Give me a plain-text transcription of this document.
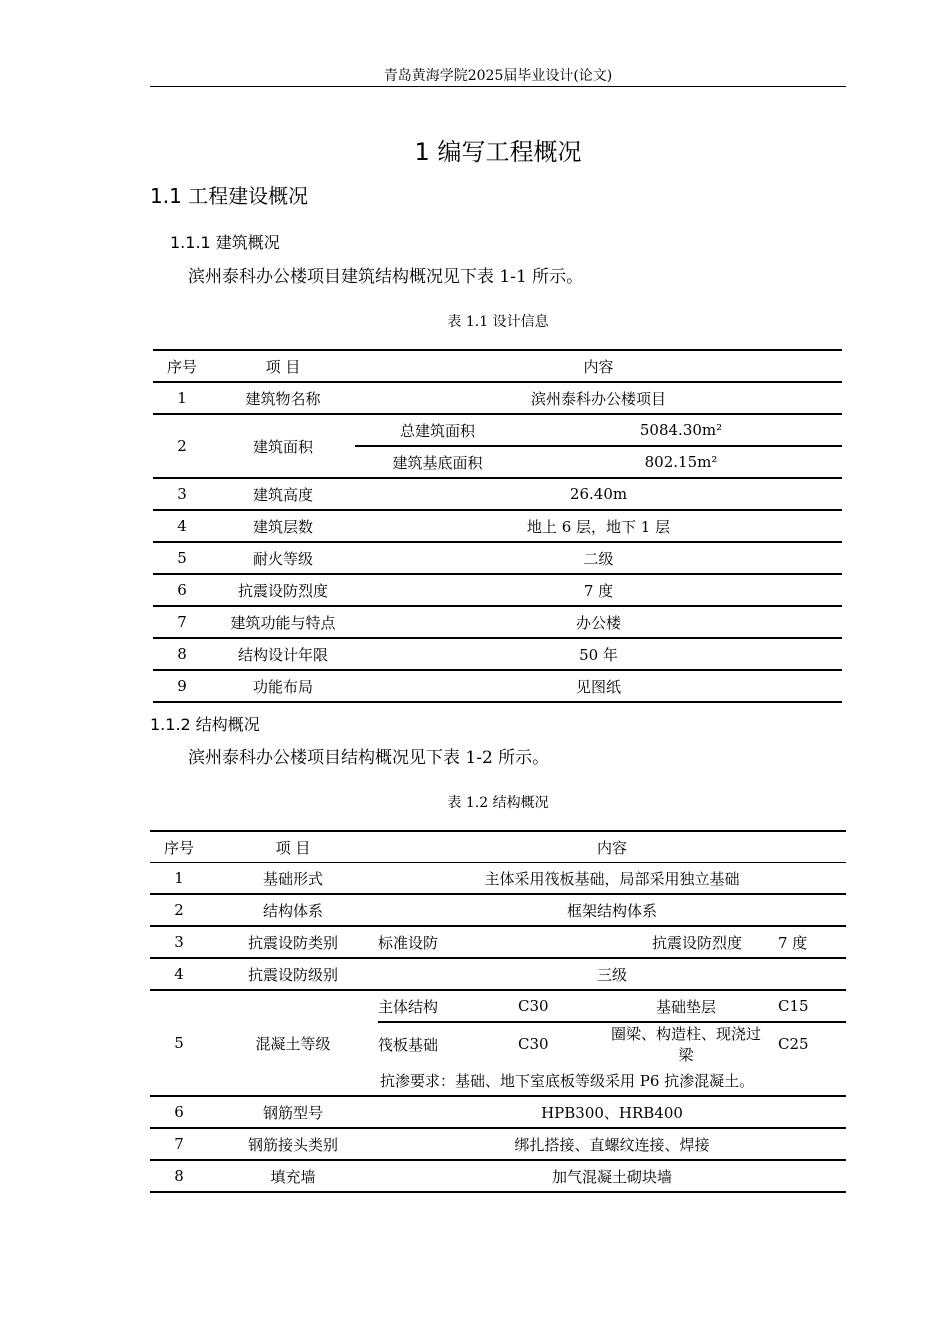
青岛黄海学院2025届毕业设计(论文)
1 编写工程概况
1.1 工程建设概况
1.1.1 建筑概况
滨州泰科办公楼项目建筑结构概况见下表 1-1 所示。
表 1.1 设计信息
序号	项 目	内容	
1	建筑物名称	滨州泰科办公楼项目	
2	建筑面积	总建筑面积	5084.30m²
		建筑基底面积	802.15m²
3	建筑高度	26.40m	
4	建筑层数	地上 6 层，地下 1 层	
5	耐火等级	二级	
6	抗震设防烈度	7 度	
7	建筑功能与特点	办公楼	
8	结构设计年限	50 年	
9	功能布局	见图纸	
1.1.2 结构概况
滨州泰科办公楼项目结构概况见下表 1-2 所示。
表 1.2 结构概况
序号	项 目	内容			
1	基础形式	主体采用筏板基础，局部采用独立基础			
2	结构体系	框架结构体系			
3	抗震设防类别	标准设防	抗震设防烈度		7 度
4	抗震设防级别	三级			
5	混凝土等级	主体结构	C30	基础垫层	C15
		筏板基础	C30	圈梁、构造柱、现浇过梁	C25
		抗渗要求：基础、地下室底板等级采用 P6 抗渗混凝土。			
6	钢筋型号	HPB300、HRB400			
7	钢筋接头类别	绑扎搭接、直螺纹连接、焊接			
8	填充墙	加气混凝土砌块墙			
